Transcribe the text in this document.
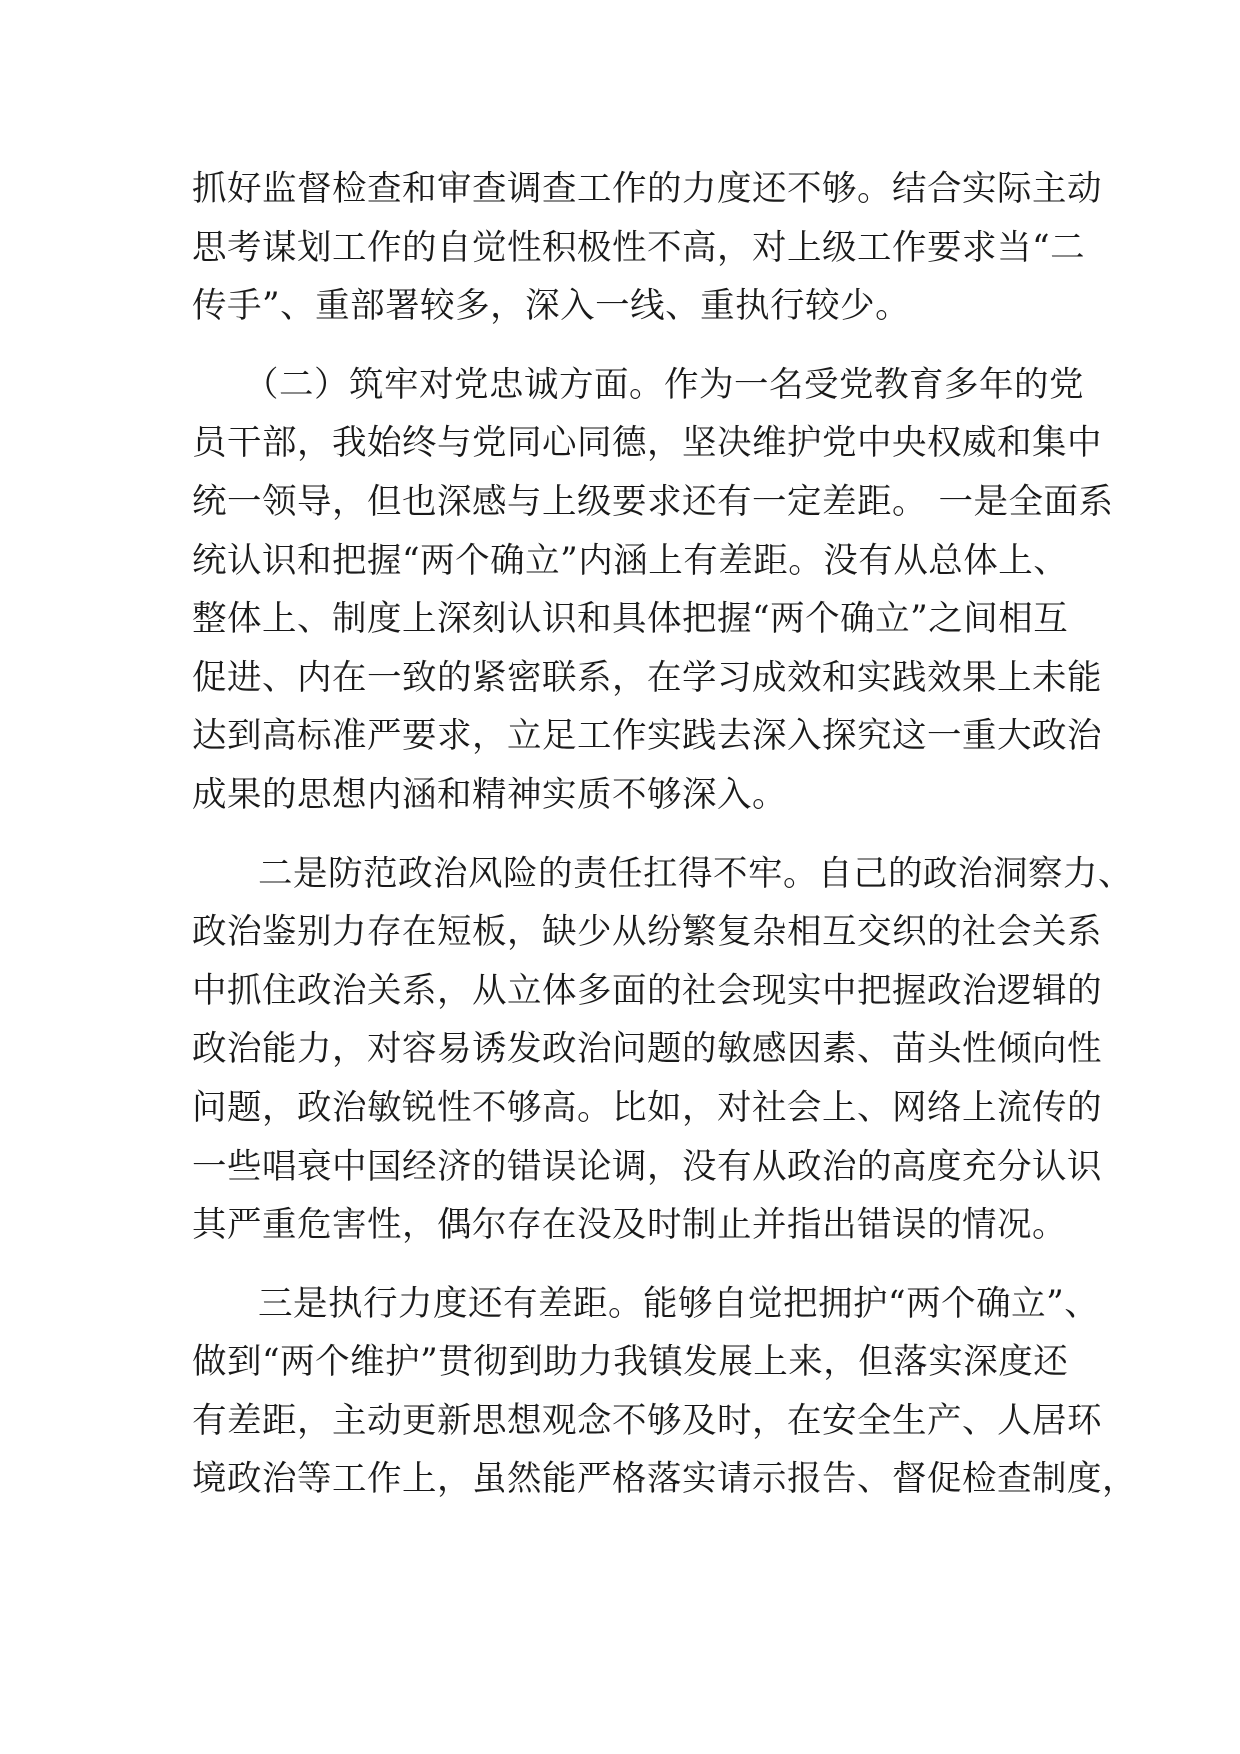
抓好监督检查和审查调查工作的力度还不够。结合实际主动
思考谋划工作的自觉性积极性不高，对上级工作要求当“二
传手”、重部署较多，深入一线、重执行较少。
（二）筑牢对党忠诚方面。作为一名受党教育多年的党
员干部，我始终与党同心同德，坚决维护党中央权威和集中
统一领导，但也深感与上级要求还有一定差距。 一是全面系
统认识和把握“两个确立”内涵上有差距。没有从总体上、
整体上、制度上深刻认识和具体把握“两个确立”之间相互
促进、内在一致的紧密联系，在学习成效和实践效果上未能
达到高标准严要求，立足工作实践去深入探究这一重大政治
成果的思想内涵和精神实质不够深入。
二是防范政治风险的责任扛得不牢。自己的政治洞察力、
政治鉴别力存在短板，缺少从纷繁复杂相互交织的社会关系
中抓住政治关系，从立体多面的社会现实中把握政治逻辑的
政治能力，对容易诱发政治问题的敏感因素、苗头性倾向性
问题，政治敏锐性不够高。比如，对社会上、网络上流传的
一些唱衰中国经济的错误论调，没有从政治的高度充分认识
其严重危害性，偶尔存在没及时制止并指出错误的情况。
三是执行力度还有差距。能够自觉把拥护“两个确立”、
做到“两个维护”贯彻到助力我镇发展上来，但落实深度还
有差距，主动更新思想观念不够及时，在安全生产、人居环
境政治等工作上，虽然能严格落实请示报告、督促检查制度，
